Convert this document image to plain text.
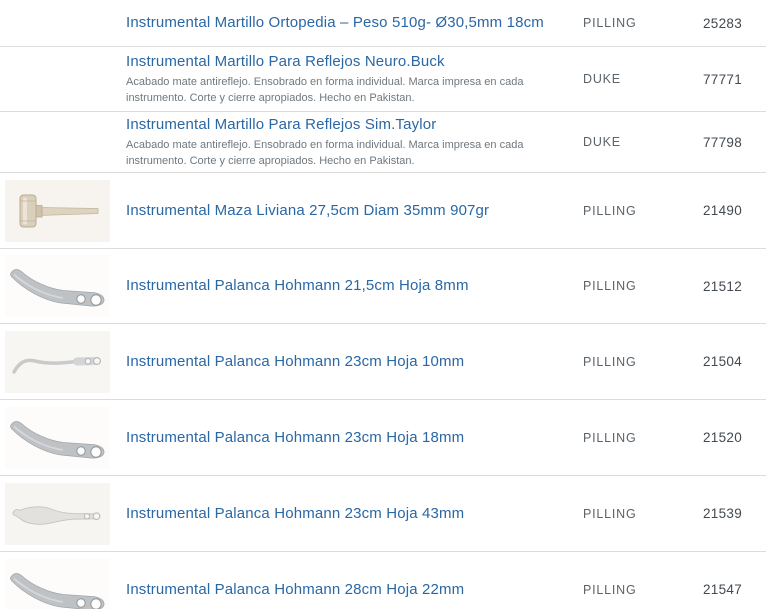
Instrumental Martillo Ortopedia – Peso 510g- Ø30,5mm 18cm	PILLING	25283
Instrumental Martillo Para Reflejos Neuro.Buck
Acabado mate antireflejo. Ensobrado en forma individual. Marca impresa en cada instrumento. Corte y cierre apropiados. Hecho en Pakistan.
DUKE	77771
Instrumental Martillo Para Reflejos Sim.Taylor
Acabado mate antireflejo. Ensobrado en forma individual. Marca impresa en cada instrumento. Corte y cierre apropiados. Hecho en Pakistan.
DUKE	77798
Instrumental Maza Liviana 27,5cm Diam 35mm 907gr	PILLING	21490
Instrumental Palanca Hohmann 21,5cm Hoja 8mm	PILLING	21512
Instrumental Palanca Hohmann 23cm Hoja 10mm	PILLING	21504
Instrumental Palanca Hohmann 23cm Hoja 18mm	PILLING	21520
Instrumental Palanca Hohmann 23cm Hoja 43mm	PILLING	21539
Instrumental Palanca Hohmann 28cm Hoja 22mm	PILLING	21547
